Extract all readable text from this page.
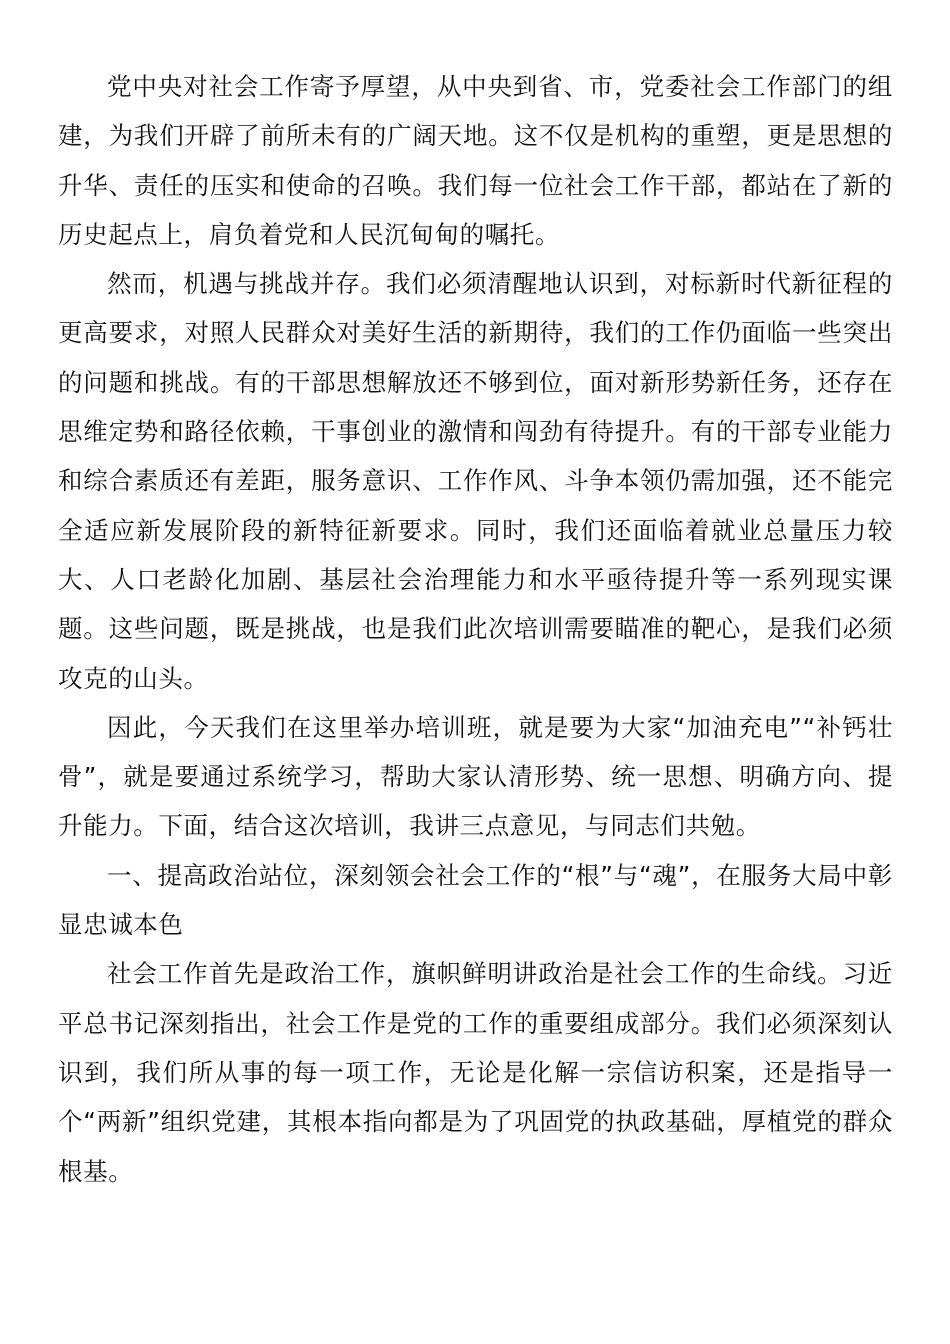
党中央对社会工作寄予厚望，从中央到省、市，党委社会工作部门的组建，为我们开辟了前所未有的广阔天地。这不仅是机构的重塑，更是思想的升华、责任的压实和使命的召唤。我们每一位社会工作干部，都站在了新的历史起点上，肩负着党和人民沉甸甸的嘱托。

然而，机遇与挑战并存。我们必须清醒地认识到，对标新时代新征程的更高要求，对照人民群众对美好生活的新期待，我们的工作仍面临一些突出的问题和挑战。有的干部思想解放还不够到位，面对新形势新任务，还存在思维定势和路径依赖，干事创业的激情和闯劲有待提升。有的干部专业能力和综合素质还有差距，服务意识、工作作风、斗争本领仍需加强，还不能完全适应新发展阶段的新特征新要求。同时，我们还面临着就业总量压力较大、人口老龄化加剧、基层社会治理能力和水平亟待提升等一系列现实课题。这些问题，既是挑战，也是我们此次培训需要瞄准的靶心，是我们必须攻克的山头。

因此，今天我们在这里举办培训班，就是要为大家“加油充电”“补钙壮骨”，就是要通过系统学习，帮助大家认清形势、统一思想、明确方向、提升能力。下面，结合这次培训，我讲三点意见，与同志们共勉。

一、提高政治站位，深刻领会社会工作的“根”与“魂”，在服务大局中彰显忠诚本色

社会工作首先是政治工作，旗帜鲜明讲政治是社会工作的生命线。习近平总书记深刻指出，社会工作是党的工作的重要组成部分。我们必须深刻认识到，我们所从事的每一项工作，无论是化解一宗信访积案，还是指导一个“两新”组织党建，其根本指向都是为了巩固党的执政基础，厚植党的群众根基。
